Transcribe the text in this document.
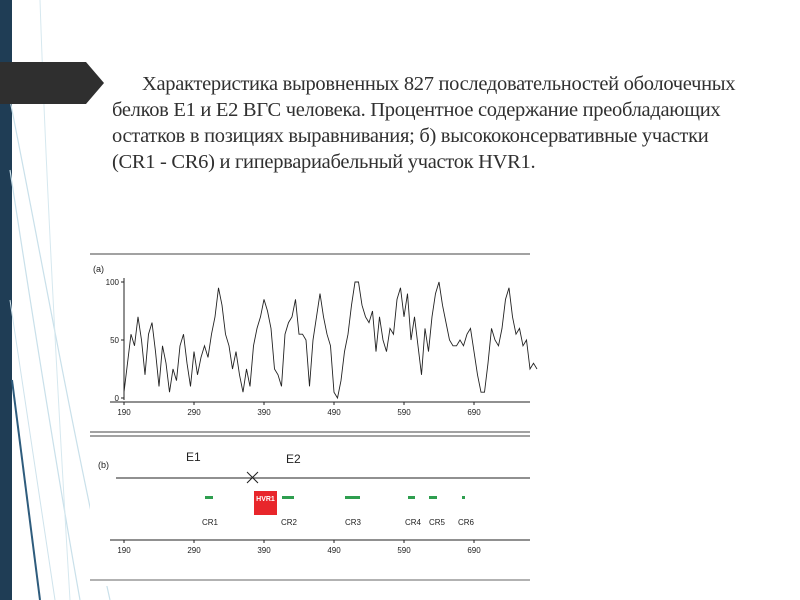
Характеристика выровненных 827 последовательностей оболочечных белков Е1 и Е2 ВГС человека. Процентное содержание преобладающих остатков в позициях выравнивания; б) высококонсервативные участки (CR1 - CR6) и гипервариабельный участок HVR1.
(a)
100
50
0
190	290	390	490	590	690
(b)
E1	E2
HVR1
CR1	CR2	CR3	CR4 CR5 CR6
190	290	390	490	590	690
